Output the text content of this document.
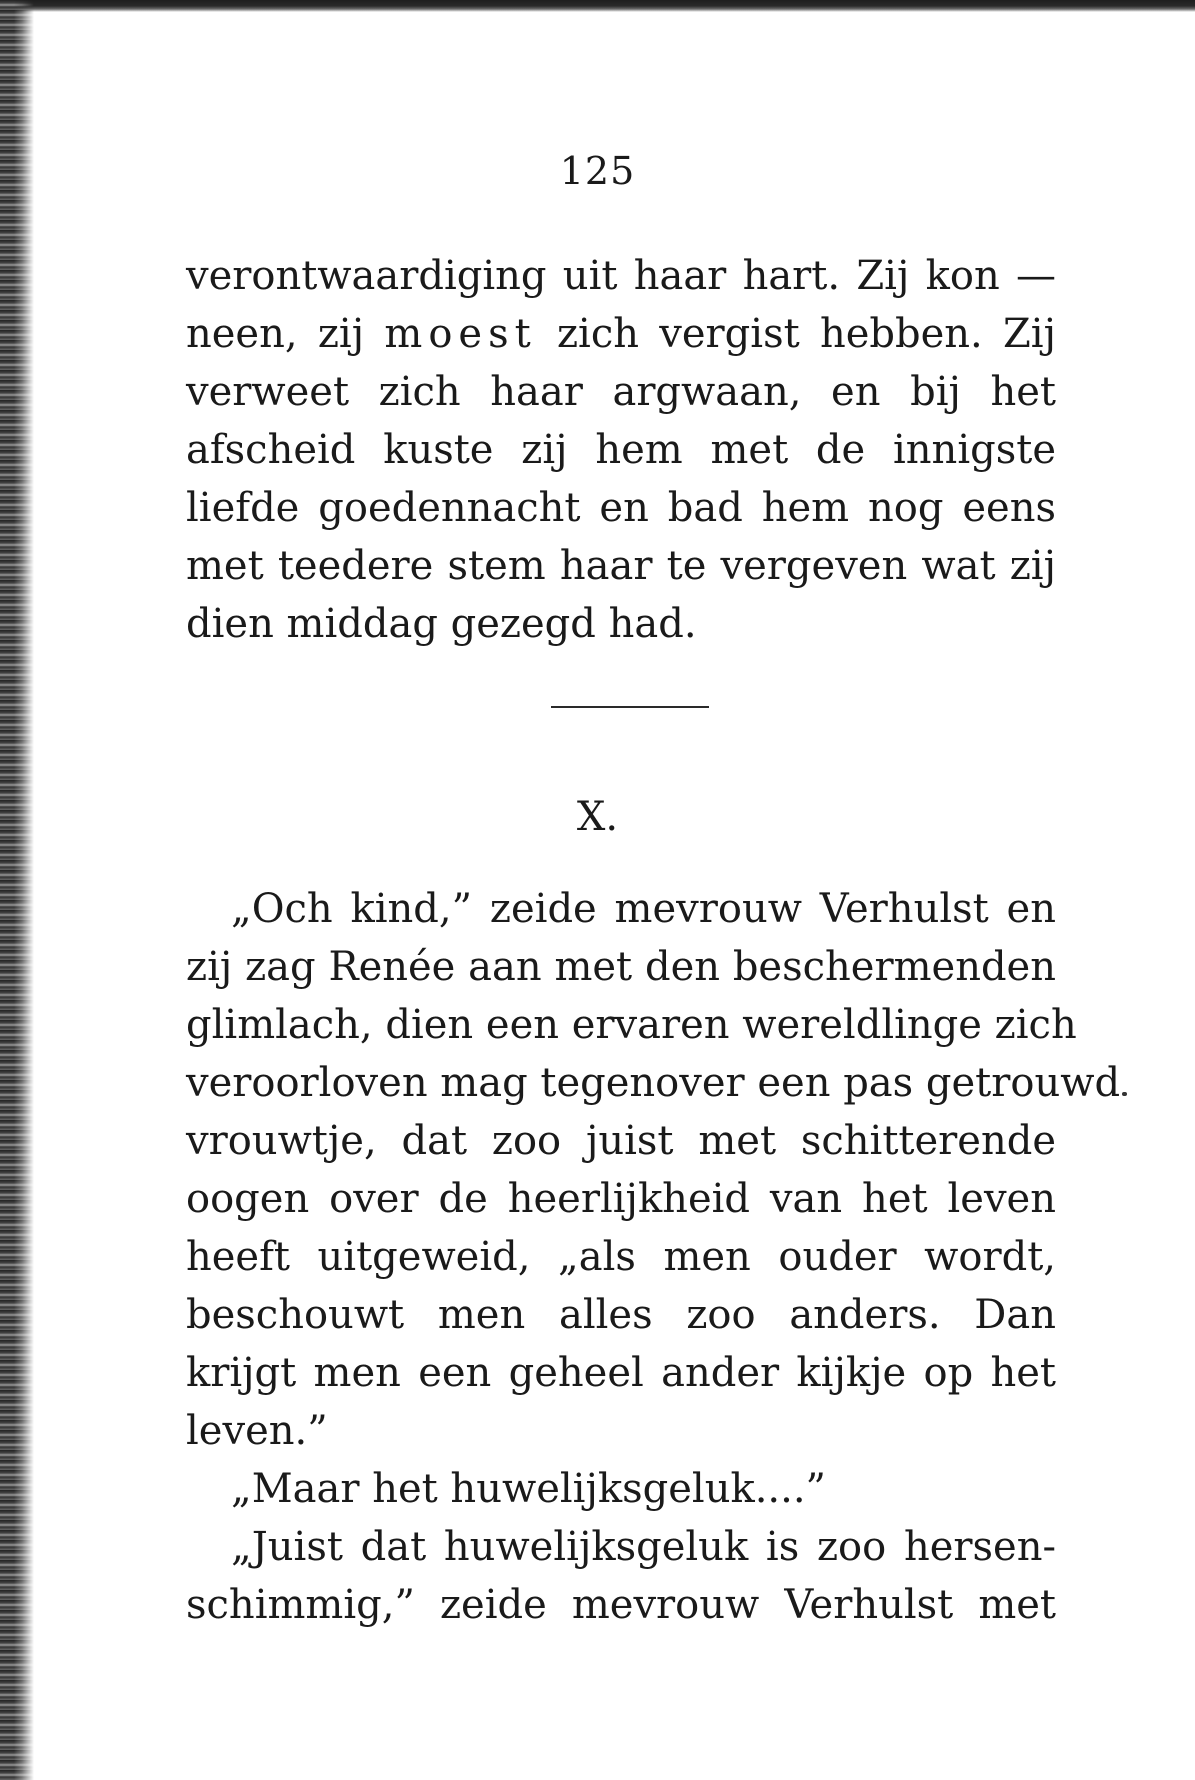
125
verontwaardiging uit haar hart. Zij kon —
neen, zij moest zich vergist hebben. Zij
verweet zich haar argwaan, en bij het
afscheid kuste zij hem met de innigste
liefde goedennacht en bad hem nog eens
met teedere stem haar te vergeven wat zij
dien middag gezegd had.
X.
„Och kind,” zeide mevrouw Verhulst en
zij zag Renée aan met den beschermenden
glimlach, dien een ervaren wereldlinge zich
veroorloven mag tegenover een pas getrouwd
vrouwtje, dat zoo juist met schitterende
oogen over de heerlijkheid van het leven
heeft uitgeweid, „als men ouder wordt,
beschouwt men alles zoo anders. Dan
krijgt men een geheel ander kijkje op het
leven.”
„Maar het huwelijksgeluk....”
„Juist dat huwelijksgeluk is zoo hersen-
schimmig,” zeide mevrouw Verhulst met
